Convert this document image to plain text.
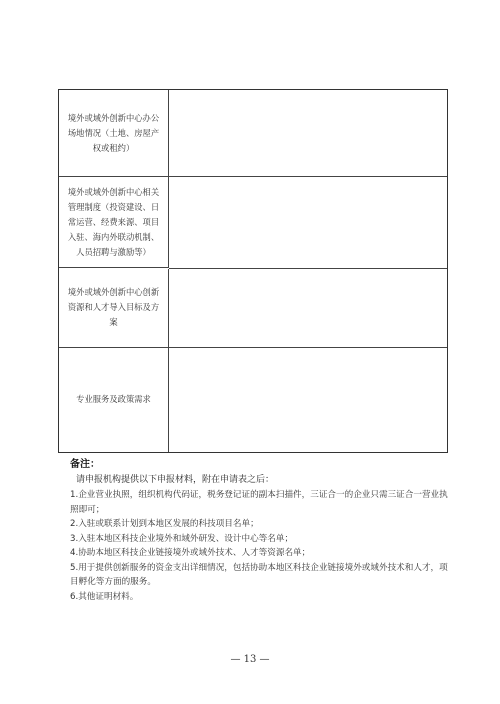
境外或域外创新中心办公场地情况（土地、房屋产权或租约）
境外或域外创新中心相关管理制度（投资建设、日常运营、经费来源、项目入驻、海内外联动机制、人员招聘与激励等）
境外或域外创新中心创新资源和人才导入目标及方案
专业服务及政策需求
备注：
请申报机构提供以下申报材料，附在申请表之后：

1.企业营业执照，组织机构代码证，税务登记证的副本扫描件，三证合一的企业只需三证合一营业执照即可；

2.入驻或联系计划到本地区发展的科技项目名单；

3.入驻本地区科技企业境外和域外研发、设计中心等名单；

4.协助本地区科技企业链接境外或域外技术、人才等资源名单；

5.用于提供创新服务的资金支出详细情况，包括协助本地区科技企业链接境外或域外技术和人才，项目孵化等方面的服务。

6.其他证明材料。

— 13 —
